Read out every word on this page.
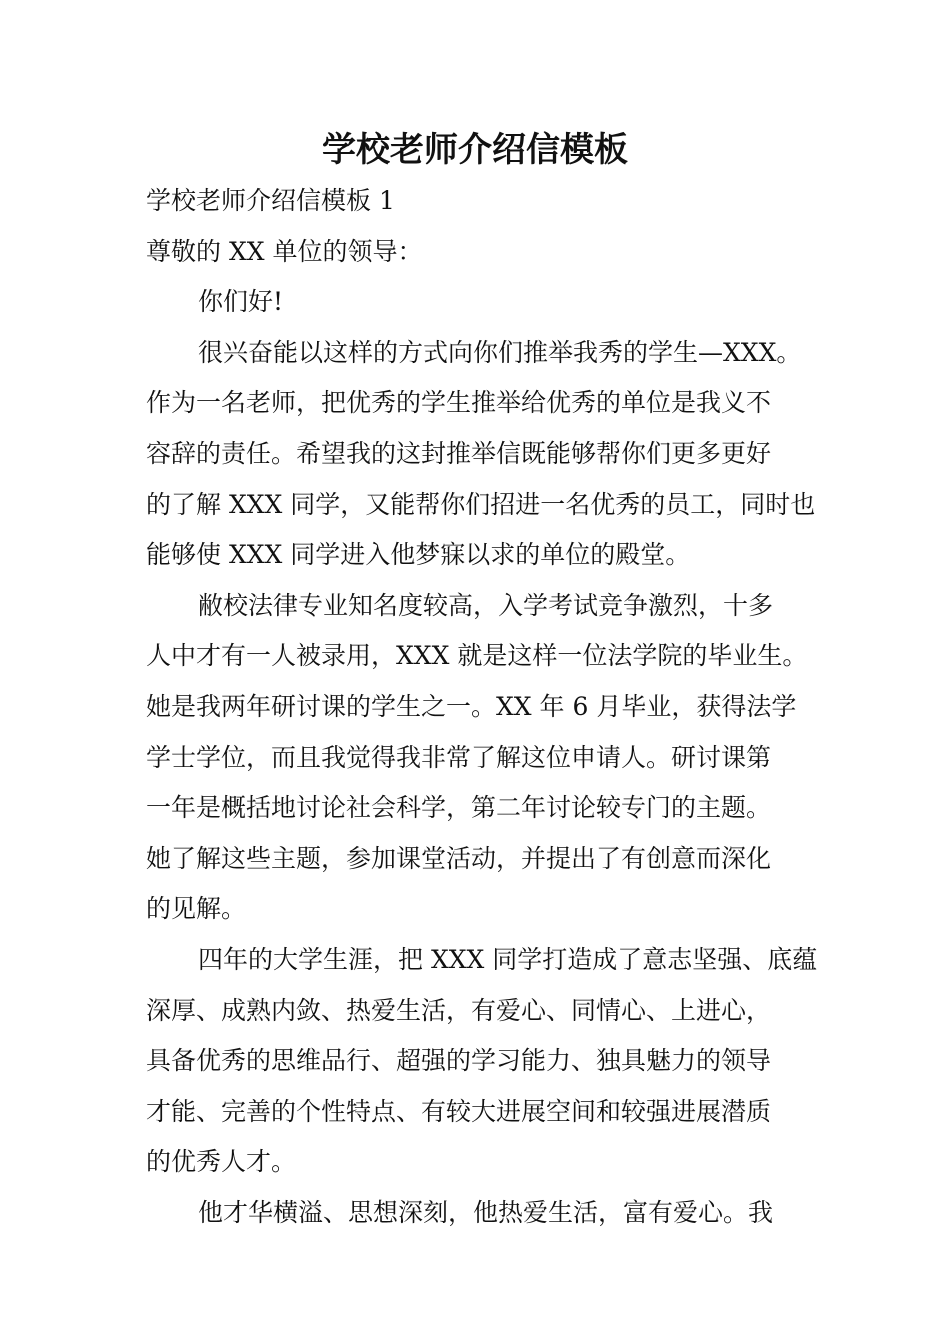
学校老师介绍信模板
学校老师介绍信模板 1
尊敬的 XX 单位的领导：
你们好!
很兴奋能以这样的方式向你们推举我秀的学生—XXX。
作为一名老师，把优秀的学生推举给优秀的单位是我义不
容辞的责任。希望我的这封推举信既能够帮你们更多更好
的了解 XXX 同学，又能帮你们招进一名优秀的员工，同时也
能够使 XXX 同学进入他梦寐以求的单位的殿堂。
敝校法律专业知名度较高，入学考试竞争激烈，十多
人中才有一人被录用，XXX 就是这样一位法学院的毕业生。
她是我两年研讨课的学生之一。XX 年 6 月毕业，获得法学
学士学位，而且我觉得我非常了解这位申请人。研讨课第
一年是概括地讨论社会科学，第二年讨论较专门的主题。
她了解这些主题，参加课堂活动，并提出了有创意而深化
的见解。
四年的大学生涯，把 XXX 同学打造成了意志坚强、底蕴
深厚、成熟内敛、热爱生活，有爱心、同情心、上进心，
具备优秀的思维品行、超强的学习能力、独具魅力的领导
才能、完善的个性特点、有较大进展空间和较强进展潜质
的优秀人才。
他才华横溢、思想深刻，他热爱生活，富有爱心。我
